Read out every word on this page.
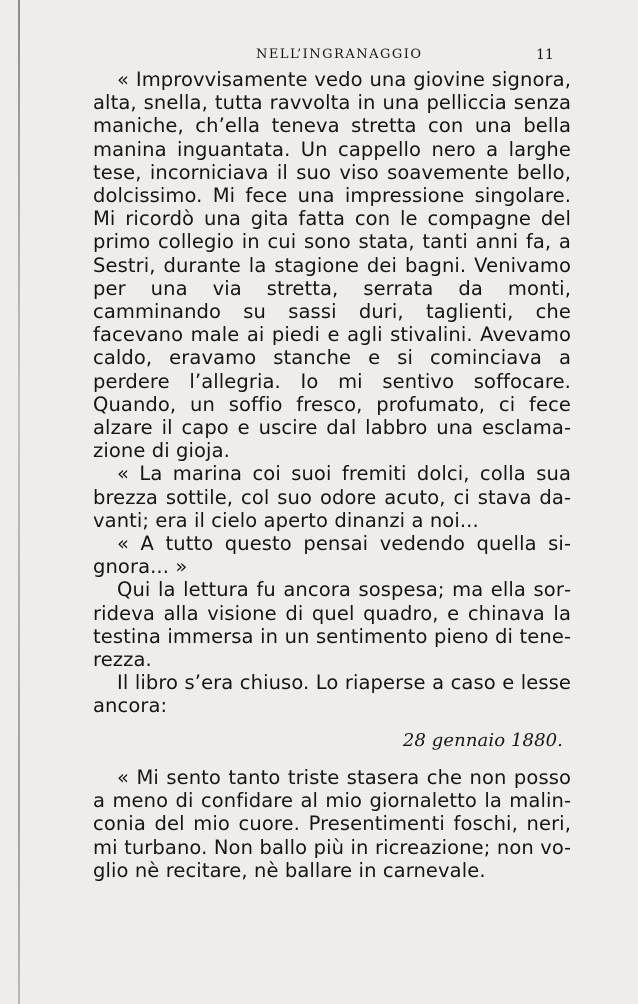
NELL’INGRANAGGIO	11

« Improvvisamente vedo una giovine signora, alta, snella, tutta ravvolta in una pelliccia senza maniche, ch’ella teneva stretta con una bella manina inguantata. Un cappello nero a larghe tese, incorniciava il suo viso soavemente bello, dolcissimo. Mi fece una impressione singolare. Mi ricordò una gita fatta con le compagne del primo collegio in cui sono stata, tanti anni fa, a Sestri, durante la stagione dei bagni. Venivamo per una via stretta, serrata da monti, camminando su sassi duri, taglienti, che facevano male ai piedi e agli stivalini. Avevamo caldo, eravamo stanche e si cominciava a perdere l’allegria. Io mi sentivo soffocare. Quando, un soffio fresco, profumato, ci fece alzare il capo e uscire dal labbro una esclamazione di gioja.

« La marina coi suoi fremiti dolci, colla sua brezza sottile, col suo odore acuto, ci stava davanti; era il cielo aperto dinanzi a noi...

« A tutto questo pensai vedendo quella signora... »

Qui la lettura fu ancora sospesa; ma ella sorrideva alla visione di quel quadro, e chinava la testina immersa in un sentimento pieno di tenerezza.

Il libro s’era chiuso. Lo riaperse a caso e lesse ancora:

28 gennaio 1880.

« Mi sento tanto triste stasera che non posso a meno di confidare al mio giornaletto la malinconia del mio cuore. Presentimenti foschi, neri, mi turbano. Non ballo più in ricreazione; non voglio nè recitare, nè ballare in carnevale.
